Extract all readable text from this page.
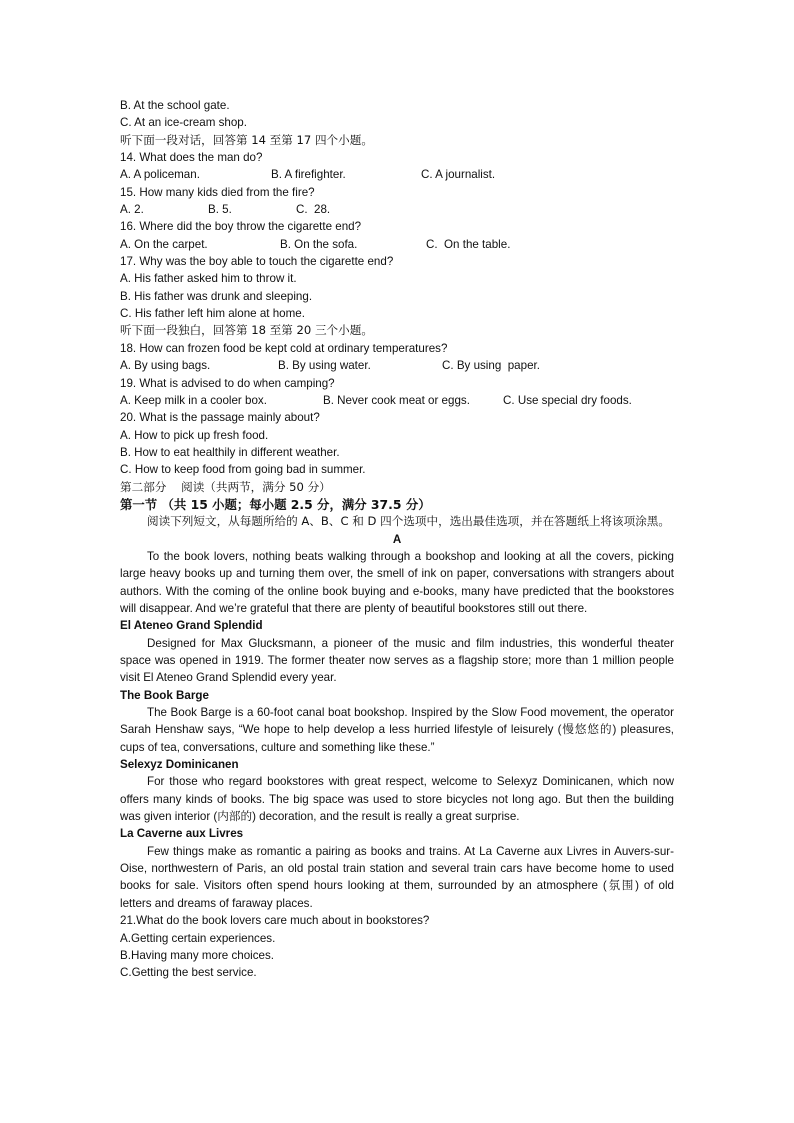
B. At the school gate.
C. At an ice-cream shop.
听下面一段对话，回答第 14 至第 17 四个小题。
14. What does the man do?
A. A policeman.	B. A firefighter.	C. A journalist.
15. How many kids died from the fire?
A. 2.	B. 5.	C.  28.
16. Where did the boy throw the cigarette end?
A. On the carpet.	B. On the sofa.	C.  On the table.
17. Why was the boy able to touch the cigarette end?
A. His father asked him to throw it.
B. His father was drunk and sleeping.
C. His father left him alone at home.
听下面一段独白，回答第 18 至第 20 三个小题。
18. How can frozen food be kept cold at ordinary temperatures?
A. By using bags.	B. By using water.	C. By using  paper.
19. What is advised to do when camping?
A. Keep milk in a cooler box.	B. Never cook meat or eggs.	C. Use special dry foods.
20. What is the passage mainly about?
A. How to pick up fresh food.
B. How to eat healthily in different weather.
C. How to keep food from going bad in summer.
第二部分    阅读（共两节，满分 50 分）
第一节 （共 15 小题；每小题 2.5 分，满分 37.5 分）

阅读下列短文，从每题所给的 A、B、C 和 D 四个选项中，选出最佳选项，并在答题纸上将该项涂黑。

A

To the book lovers, nothing beats walking through a bookshop and looking at all the covers, picking large heavy books up and turning them over, the smell of ink on paper, conversations with strangers about authors. With the coming of the online book buying and e-books, many have predicted that the bookstores will disappear. And we’re grateful that there are plenty of beautiful bookstores still out there.

El Ateneo Grand Splendid

Designed for Max Glucksmann, a pioneer of the music and film industries, this wonderful theater space was opened in 1919. The former theater now serves as a flagship store; more than 1 million people visit El Ateneo Grand Splendid every year.

The Book Barge

The Book Barge is a 60-foot canal boat bookshop. Inspired by the Slow Food movement, the operator Sarah Henshaw says, “We hope to help develop a less hurried lifestyle of leisurely (慢悠悠的) pleasures, cups of tea, conversations, culture and something like these.”

Selexyz Dominicanen

For those who regard bookstores with great respect, welcome to Selexyz Dominicanen, which now offers many kinds of books. The big space was used to store bicycles not long ago. But then the building was given interior (内部的) decoration, and the result is really a great surprise.

La Caverne aux Livres

Few things make as romantic a pairing as books and trains. At La Caverne aux Livres in Auvers-sur-Oise, northwestern of Paris, an old postal train station and several train cars have become home to used books for sale. Visitors often spend hours looking at them, surrounded by an atmosphere (氛围) of old letters and dreams of faraway places.

21.What do the book lovers care much about in bookstores?
A.Getting certain experiences.
B.Having many more choices.
C.Getting the best service.
